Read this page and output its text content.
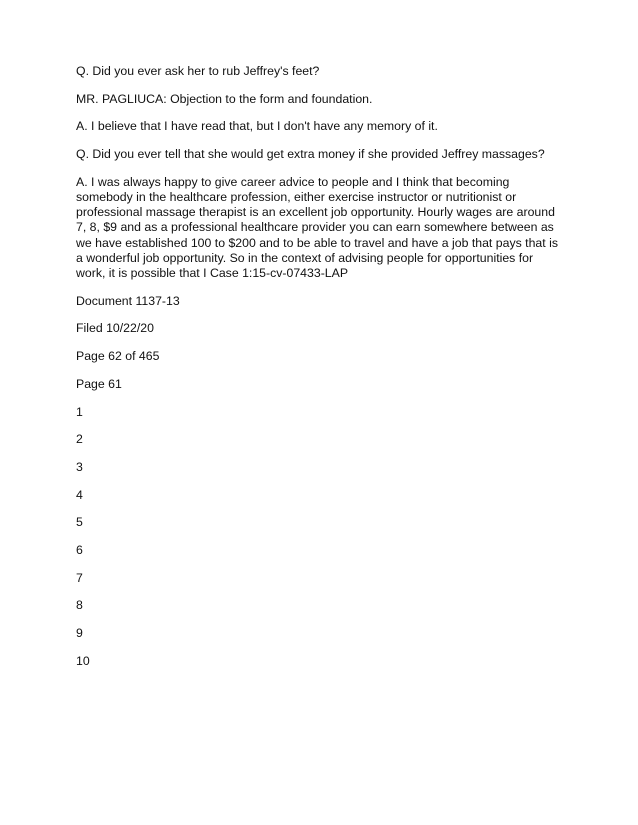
Q. Did you ever ask her to rub Jeffrey's feet?

MR. PAGLIUCA: Objection to the form and foundation.

A. I believe that I have read that, but I don't have any memory of it.

Q. Did you ever tell that she would get extra money if she provided Jeffrey massages?

A. I was always happy to give career advice to people and I think that becoming somebody in the healthcare profession, either exercise instructor or nutritionist or professional massage therapist is an excellent job opportunity. Hourly wages are around 7, 8, $9 and as a professional healthcare provider you can earn somewhere between as we have established 100 to $200 and to be able to travel and have a job that pays that is a wonderful job opportunity. So in the context of advising people for opportunities for work, it is possible that I Case 1:15-cv-07433-LAP

Document 1137-13

Filed 10/22/20

Page 62 of 465

Page 61

1

2

3

4

5

6

7

8

9

10
